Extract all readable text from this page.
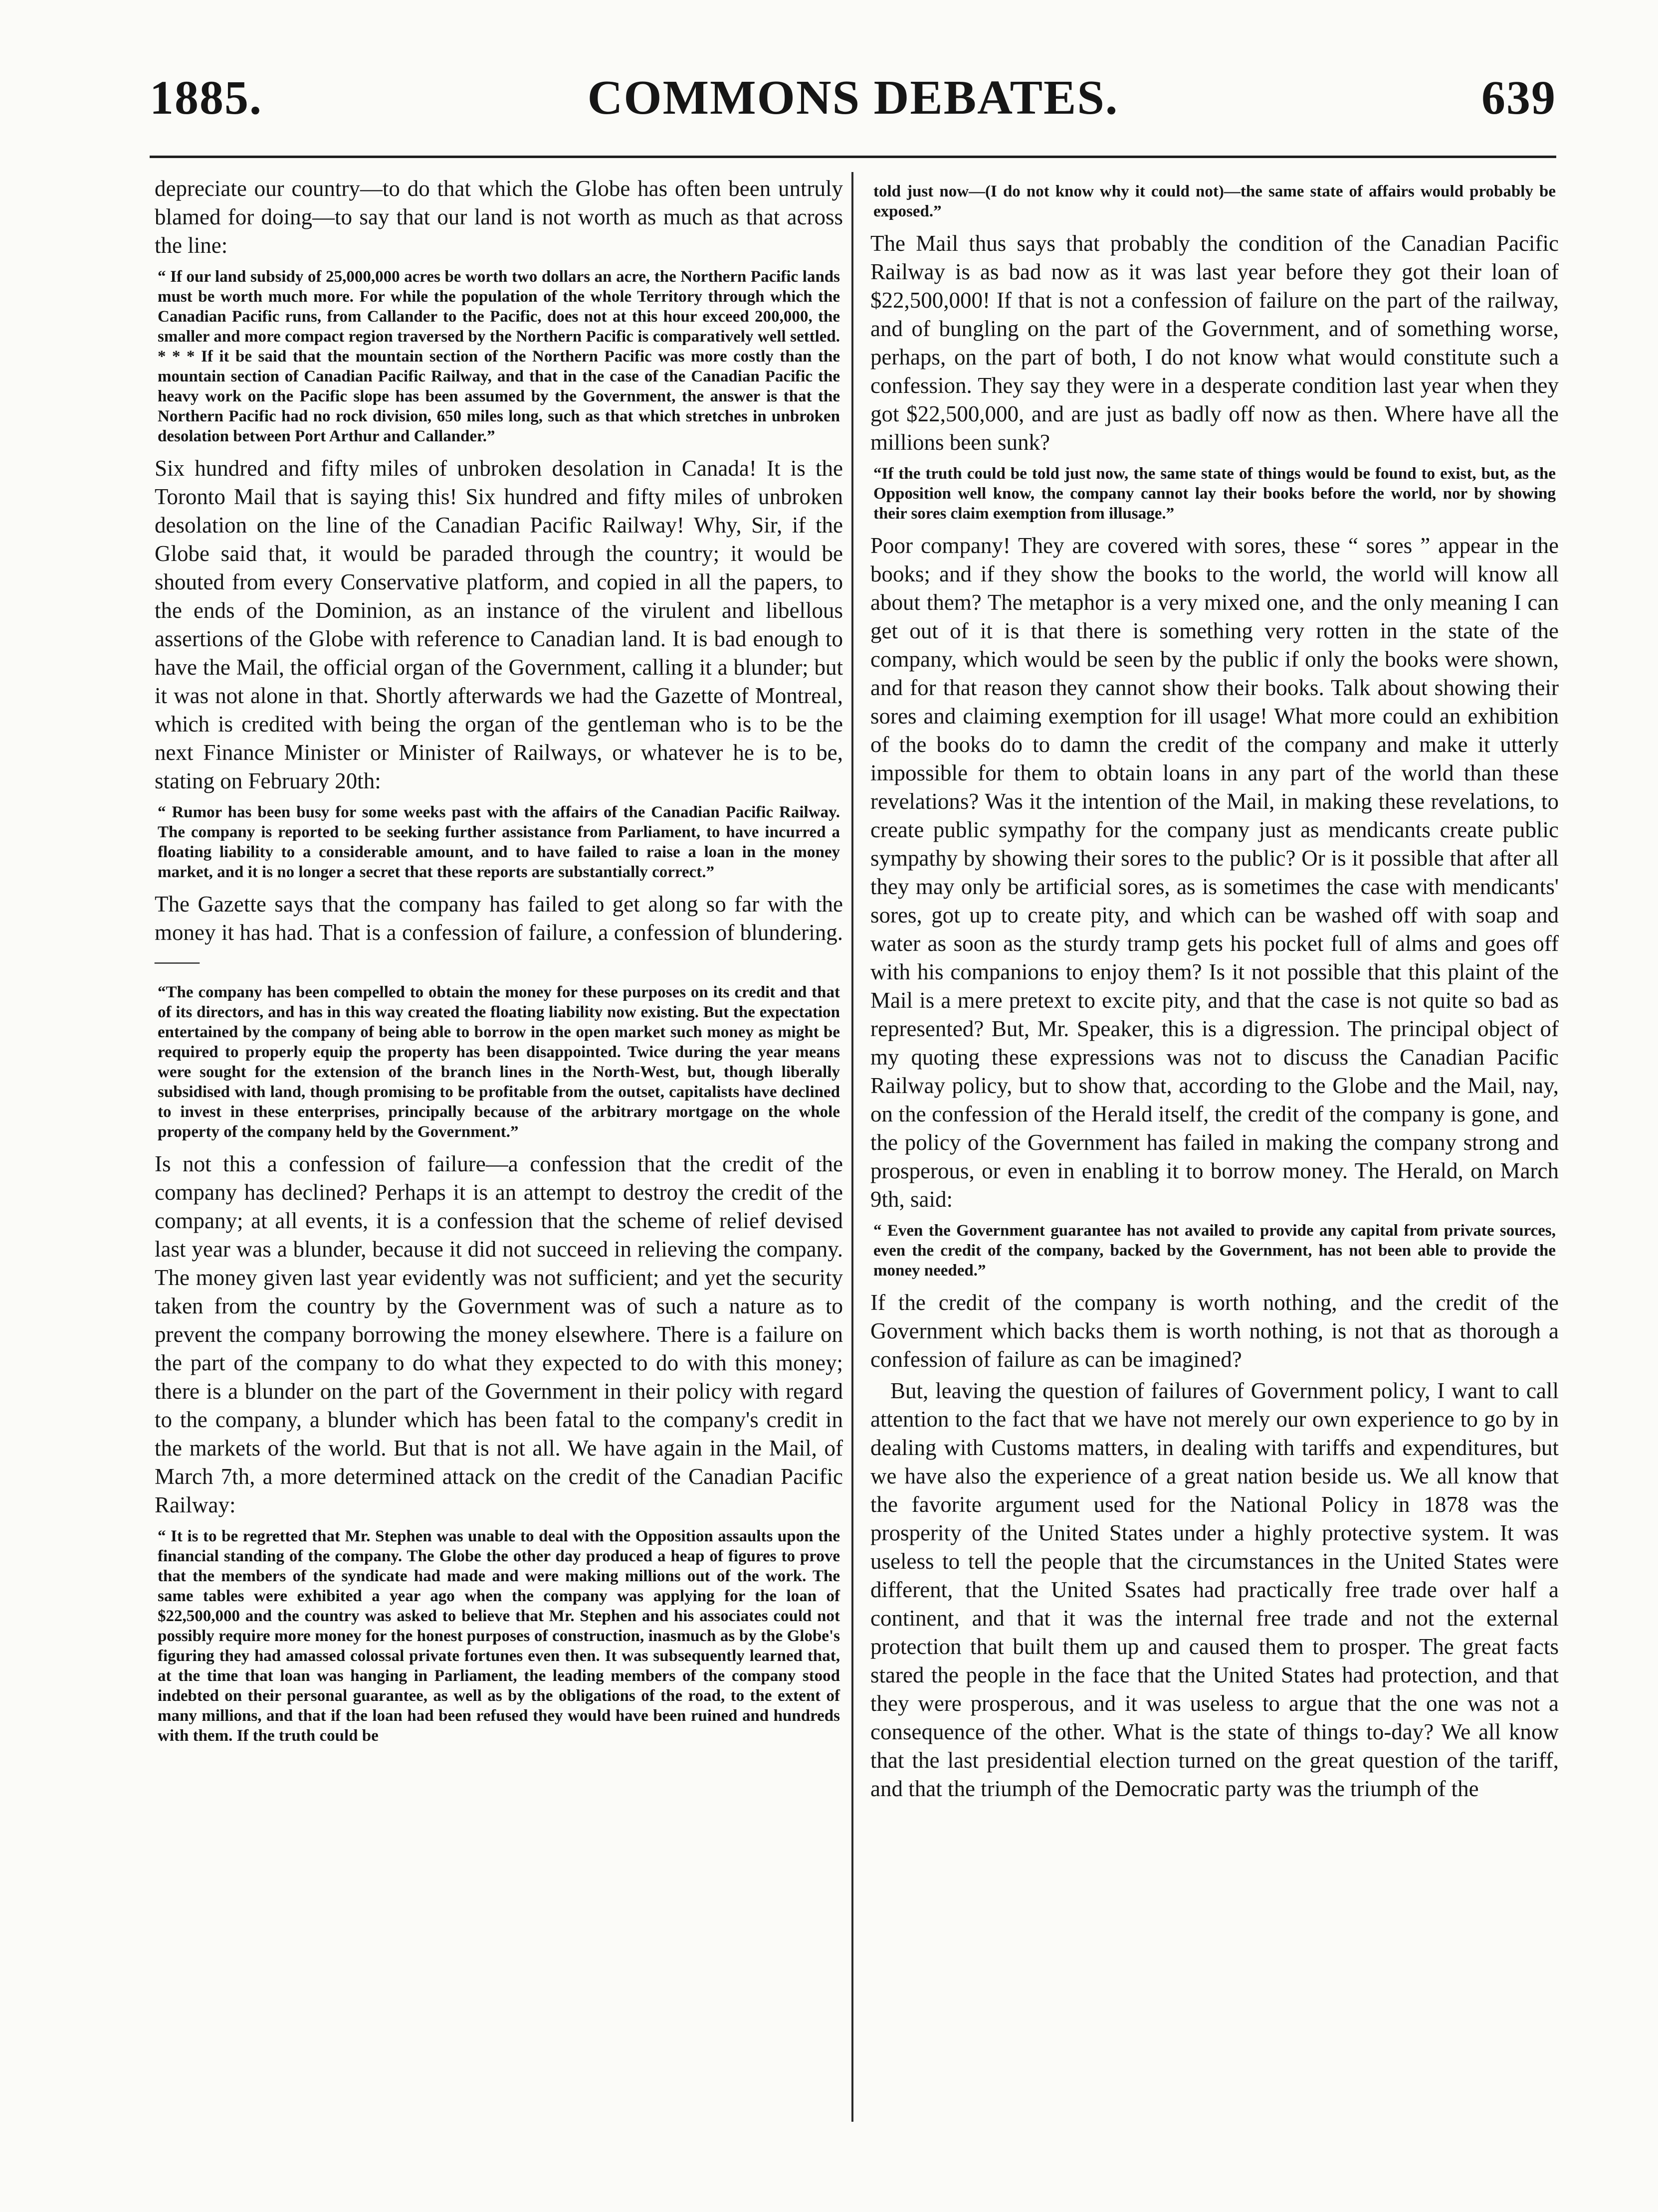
COMMONS DEBATES.
1885.	639

depreciate our country—to do that which the Globe has often been untruly blamed for doing—to say that our land is not worth as much as that across the line:

“ If our land subsidy of 25,000,000 acres be worth two dollars an acre, the Northern Pacific lands must be worth much more. For while the population of the whole Territory through which the Canadian Pacific runs, from Callander to the Pacific, does not at this hour exceed 200,000, the smaller and more compact region traversed by the Northern Pacific is comparatively well settled. * * * If it be said that the mountain section of the Northern Pacific was more costly than the mountain section of Canadian Pacific Railway, and that in the case of the Canadian Pacific the heavy work on the Pacific slope has been assumed by the Government, the answer is that the Northern Pacific had no rock division, 650 miles long, such as that which stretches in unbroken desolation between Port Arthur and Callander.”

Six hundred and fifty miles of unbroken desolation in Canada! It is the Toronto Mail that is saying this! Six hundred and fifty miles of unbroken desolation on the line of the Canadian Pacific Railway! Why, Sir, if the Globe said that, it would be paraded through the country; it would be shouted from every Conservative platform, and copied in all the papers, to the ends of the Dominion, as an instance of the virulent and libellous assertions of the Globe with reference to Canadian land. It is bad enough to have the Mail, the official organ of the Government, calling it a blunder; but it was not alone in that. Shortly afterwards we had the Gazette of Montreal, which is credited with being the organ of the gentleman who is to be the next Finance Minister or Minister of Railways, or whatever he is to be, stating on February 20th:

“ Rumor has been busy for some weeks past with the affairs of the Canadian Pacific Railway. The company is reported to be seeking further assistance from Parliament, to have incurred a floating liability to a considerable amount, and to have failed to raise a loan in the money market, and it is no longer a secret that these reports are substantially correct.”

The Gazette says that the company has failed to get along so far with the money it has had. That is a confession of failure, a confession of blundering.——

“The company has been compelled to obtain the money for these purposes on its credit and that of its directors, and has in this way created the floating liability now existing. But the expectation entertained by the company of being able to borrow in the open market such money as might be required to properly equip the property has been disappointed. Twice during the year means were sought for the extension of the branch lines in the North-West, but, though liberally subsidised with land, though promising to be profitable from the outset, capitalists have declined to invest in these enterprises, principally because of the arbitrary mortgage on the whole property of the company held by the Government.”

Is not this a confession of failure—a confession that the credit of the company has declined? Perhaps it is an attempt to destroy the credit of the company; at all events, it is a confession that the scheme of relief devised last year was a blunder, because it did not succeed in relieving the company. The money given last year evidently was not sufficient; and yet the security taken from the country by the Government was of such a nature as to prevent the company borrowing the money elsewhere. There is a failure on the part of the company to do what they expected to do with this money; there is a blunder on the part of the Government in their policy with regard to the company, a blunder which has been fatal to the company's credit in the markets of the world. But that is not all. We have again in the Mail, of March 7th, a more determined attack on the credit of the Canadian Pacific Railway:

“ It is to be regretted that Mr. Stephen was unable to deal with the Opposition assaults upon the financial standing of the company. The Globe the other day produced a heap of figures to prove that the members of the syndicate had made and were making millions out of the work. The same tables were exhibited a year ago when the company was applying for the loan of $22,500,000 and the country was asked to believe that Mr. Stephen and his associates could not possibly require more money for the honest purposes of construction, inasmuch as by the Globe's figuring they had amassed colossal private fortunes even then. It was subsequently learned that, at the time that loan was hanging in Parliament, the leading members of the company stood indebted on their personal guarantee, as well as by the obligations of the road, to the extent of many millions, and that if the loan had been refused they would have been ruined and hundreds with them. If the truth could be

told just now—(I do not know why it could not)—the same state of affairs would probably be exposed.”

The Mail thus says that probably the condition of the Canadian Pacific Railway is as bad now as it was last year before they got their loan of $22,500,000! If that is not a confession of failure on the part of the railway, and of bungling on the part of the Government, and of something worse, perhaps, on the part of both, I do not know what would constitute such a confession. They say they were in a desperate condition last year when they got $22,500,000, and are just as badly off now as then. Where have all the millions been sunk?

“If the truth could be told just now, the same state of things would be found to exist, but, as the Opposition well know, the company cannot lay their books before the world, nor by showing their sores claim exemption from illusage.”

Poor company! They are covered with sores, these “ sores ” appear in the books; and if they show the books to the world, the world will know all about them? The metaphor is a very mixed one, and the only meaning I can get out of it is that there is something very rotten in the state of the company, which would be seen by the public if only the books were shown, and for that reason they cannot show their books. Talk about showing their sores and claiming exemption for ill usage! What more could an exhibition of the books do to damn the credit of the company and make it utterly impossible for them to obtain loans in any part of the world than these revelations? Was it the intention of the Mail, in making these revelations, to create public sympathy for the company just as mendicants create public sympathy by showing their sores to the public? Or is it possible that after all they may only be artificial sores, as is sometimes the case with mendicants' sores, got up to create pity, and which can be washed off with soap and water as soon as the sturdy tramp gets his pocket full of alms and goes off with his companions to enjoy them? Is it not possible that this plaint of the Mail is a mere pretext to excite pity, and that the case is not quite so bad as represented? But, Mr. Speaker, this is a digression. The principal object of my quoting these expressions was not to discuss the Canadian Pacific Railway policy, but to show that, according to the Globe and the Mail, nay, on the confession of the Herald itself, the credit of the company is gone, and the policy of the Government has failed in making the company strong and prosperous, or even in enabling it to borrow money. The Herald, on March 9th, said:

“ Even the Government guarantee has not availed to provide any capital from private sources, even the credit of the company, backed by the Government, has not been able to provide the money needed.”

If the credit of the company is worth nothing, and the credit of the Government which backs them is worth nothing, is not that as thorough a confession of failure as can be imagined?

But, leaving the question of failures of Government policy, I want to call attention to the fact that we have not merely our own experience to go by in dealing with Customs matters, in dealing with tariffs and expenditures, but we have also the experience of a great nation beside us. We all know that the favorite argument used for the National Policy in 1878 was the prosperity of the United States under a highly protective system. It was useless to tell the people that the circumstances in the United States were different, that the United Ssates had practically free trade over half a continent, and that it was the internal free trade and not the external protection that built them up and caused them to prosper. The great facts stared the people in the face that the United States had protection, and that they were prosperous, and it was useless to argue that the one was not a consequence of the other. What is the state of things to-day? We all know that the last presidential election turned on the great question of the tariff, and that the triumph of the Democratic party was the triumph of the
